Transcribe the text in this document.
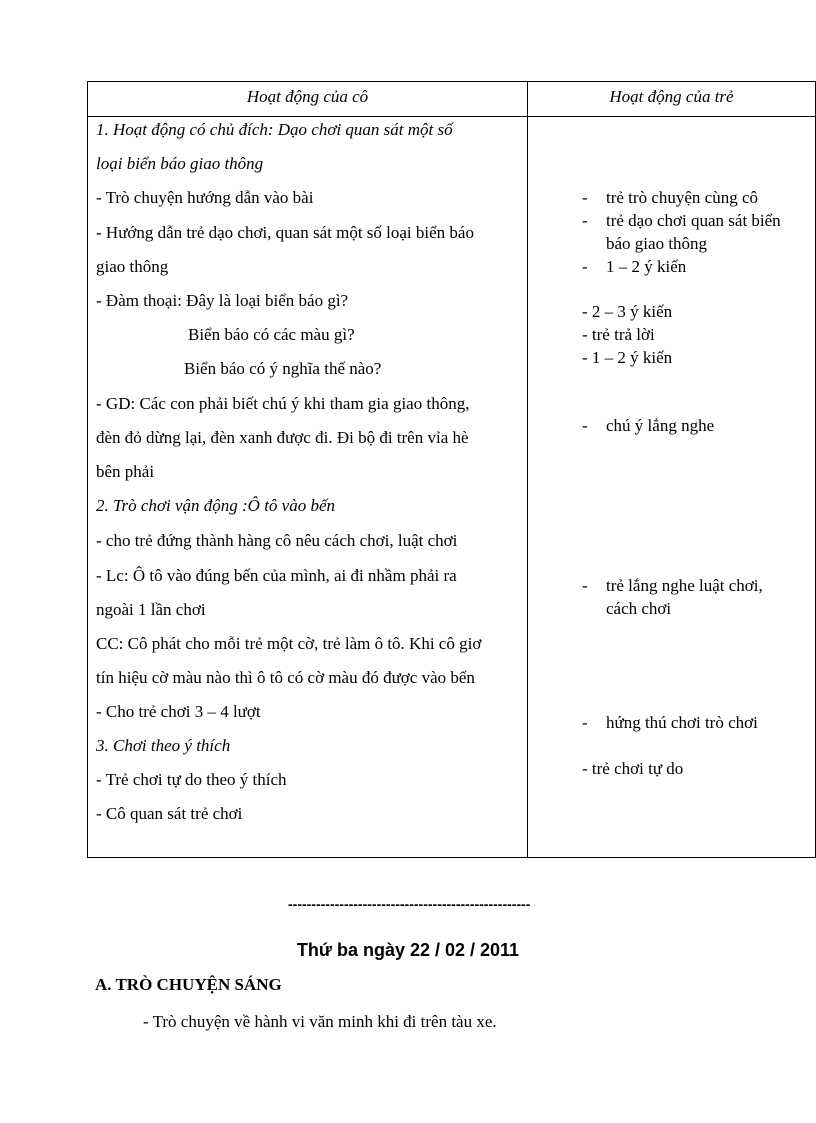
Hoạt động của cô	Hoạt động của trẻ
1. Hoạt động có chủ đích: Dạo chơi quan sát một số
loại biển báo giao thông
- Trò chuyện hướng dẫn vào bài
- Hướng dẫn trẻ dạo chơi, quan sát một số loại biển báo
giao thông
- Đàm thoại: Đây là loại biển báo gì?
Biển báo có các màu gì?
Biển báo có ý nghĩa thế nào?
- GD: Các con phải biết chú ý khi tham gia giao thông,
đèn đỏ dừng lại, đèn xanh được đi. Đi bộ đi trên vỉa hè
bên phải
2. Trò chơi vận động :Ô tô vào bến
- cho trẻ đứng thành hàng cô nêu cách chơi, luật chơi
- Lc: Ô tô vào đúng bến của mình, ai đi nhầm phải ra
ngoài 1 lần chơi
CC: Cô phát cho mỗi trẻ một cờ, trẻ làm ô tô. Khi cô giơ
tín hiệu cờ màu nào thì ô tô có cờ màu đó được vào bến
- Cho trẻ chơi 3 – 4 lượt
3. Chơi theo ý thích
- Trẻ chơi tự do theo ý thích
- Cô quan sát trẻ chơi
- trẻ trò chuyện cùng cô
- trẻ dạo chơi quan sát biển
báo giao thông
- 1 – 2 ý kiến
- 2 – 3 ý kiến
- trẻ trả lời
- 1 – 2 ý kiến
- chú ý lắng nghe
- trẻ lắng nghe luật chơi,
cách chơi
- hứng thú chơi trò chơi
- trẻ chơi tự do
----------------------------------------------------
Thứ ba ngày 22 / 02 / 2011
A. TRÒ CHUYỆN SÁNG
- Trò chuyện về hành vi văn minh khi đi trên tàu xe.
